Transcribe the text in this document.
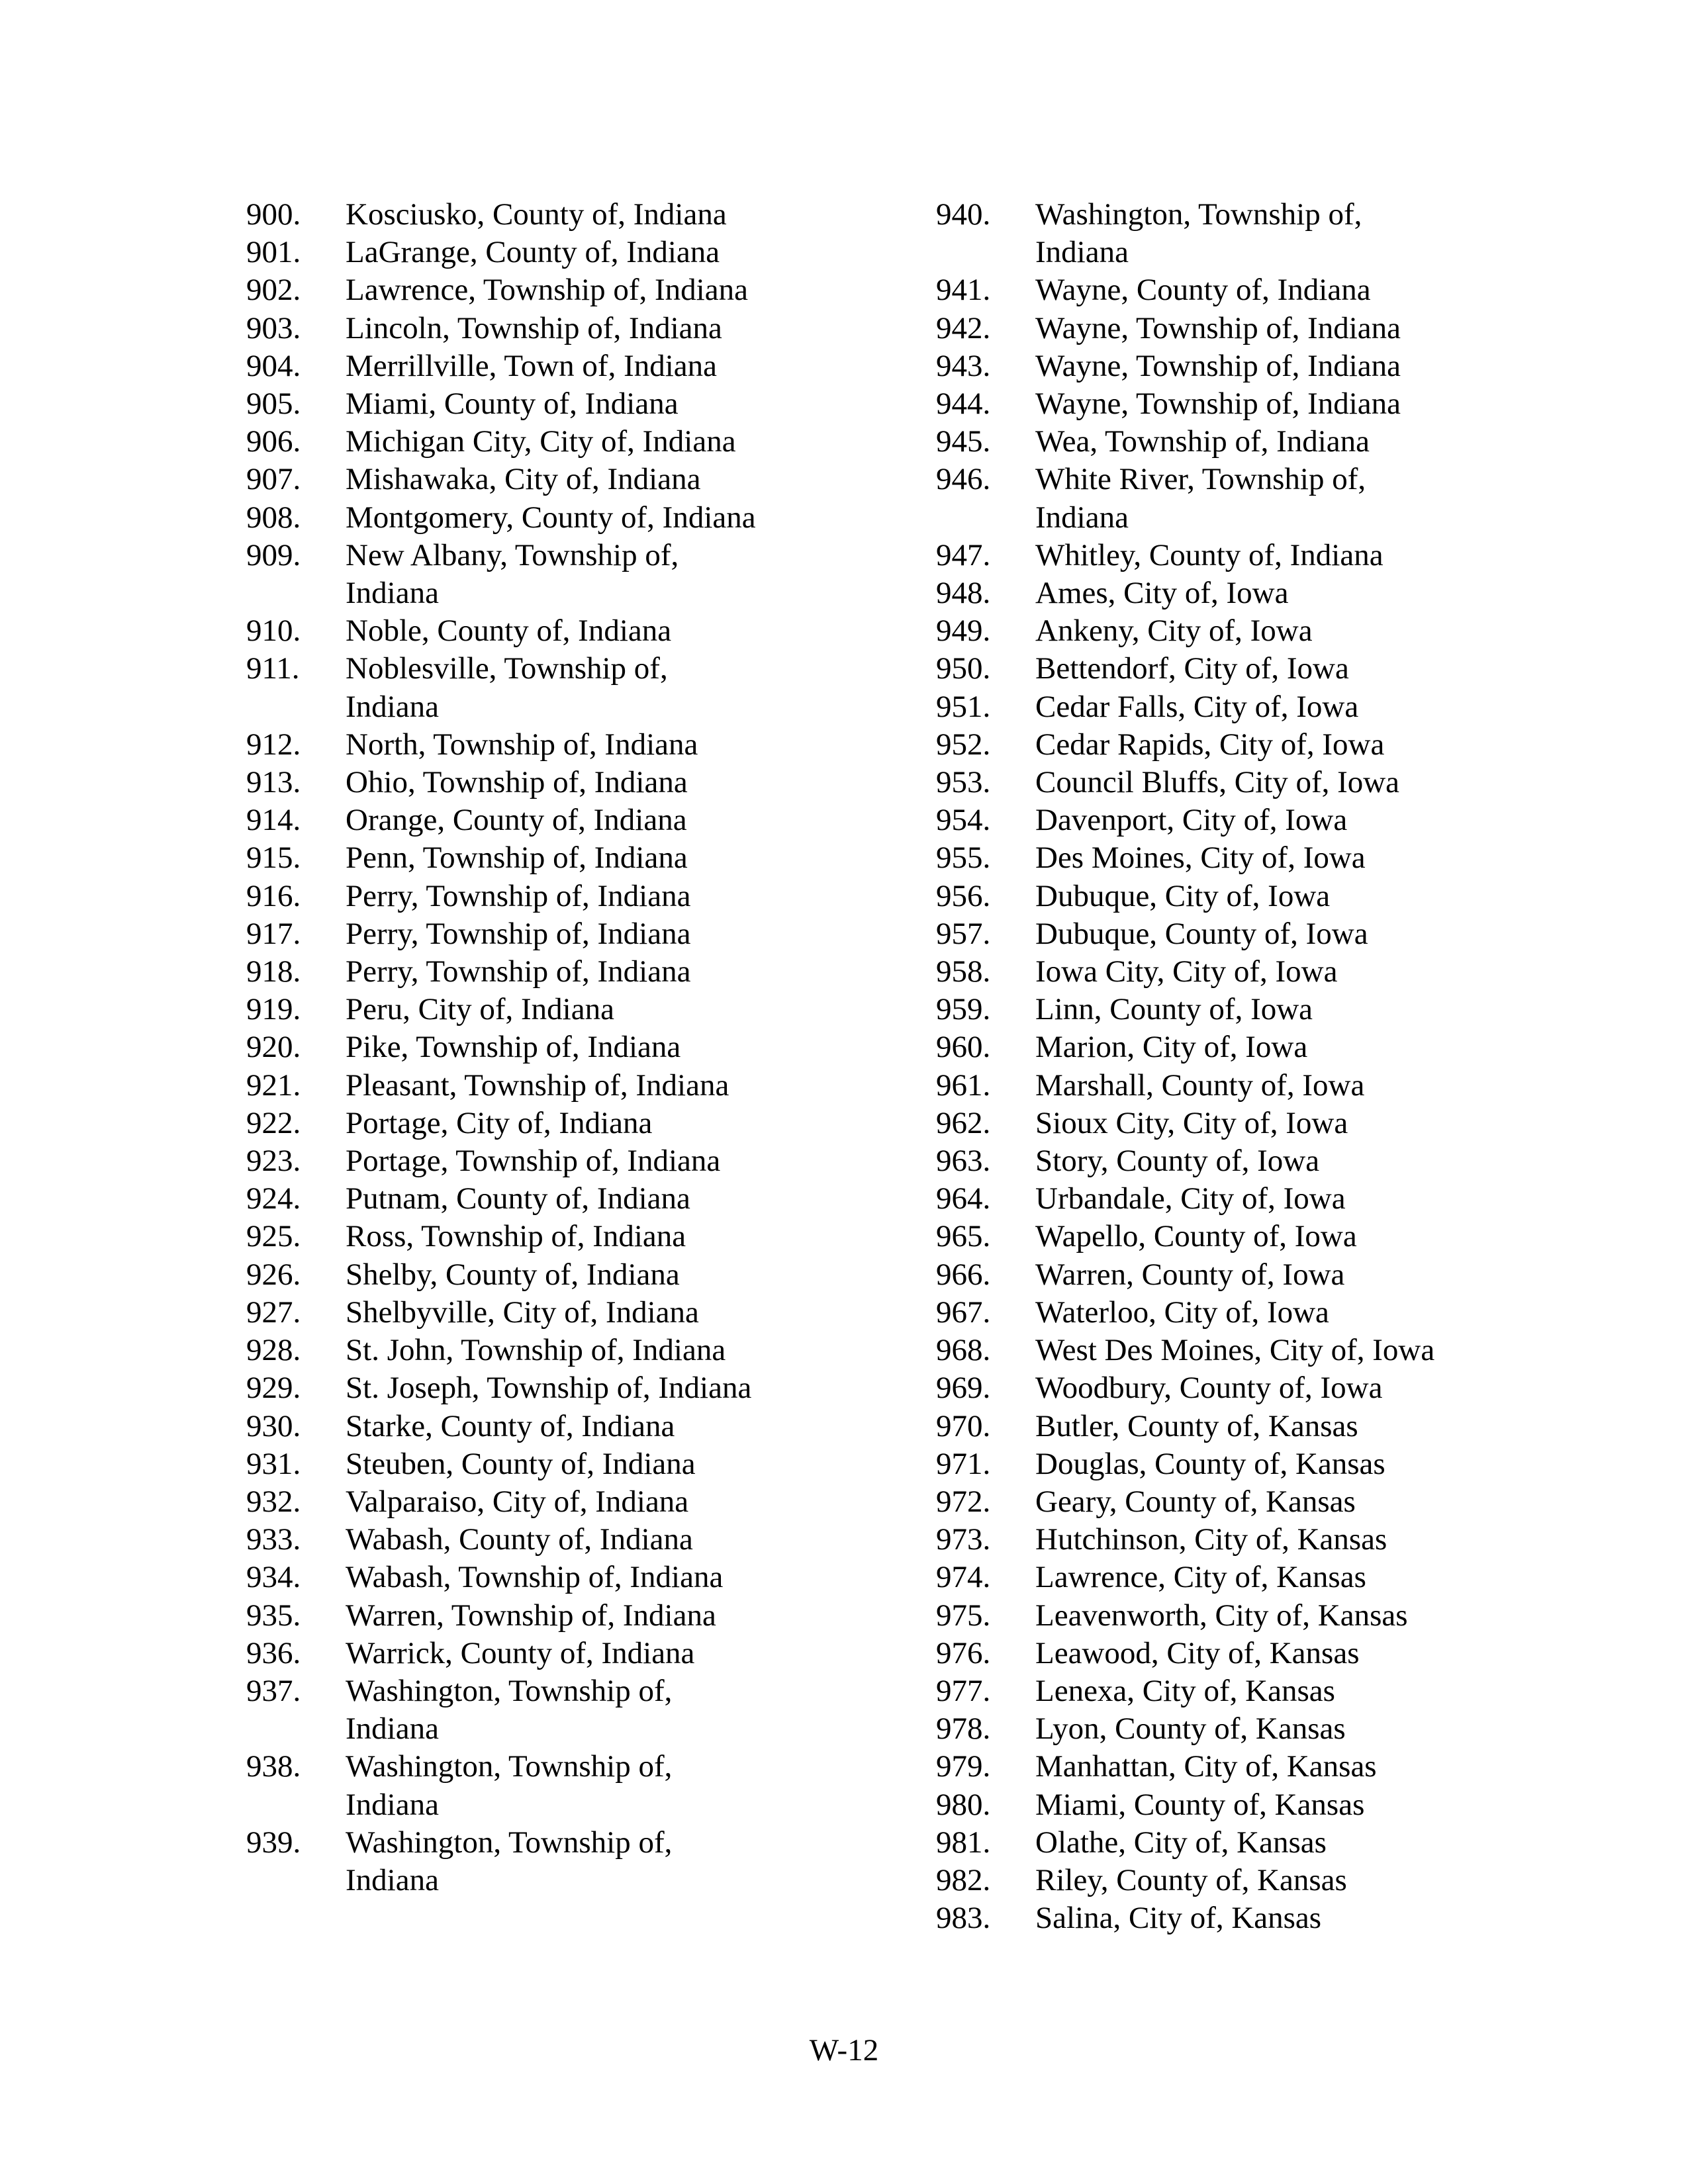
900.	Kosciusko, County of, Indiana
901.	LaGrange, County of, Indiana
902.	Lawrence, Township of, Indiana
903.	Lincoln, Township of, Indiana
904.	Merrillville, Town of, Indiana
905.	Miami, County of, Indiana
906.	Michigan City, City of, Indiana
907.	Mishawaka, City of, Indiana
908.	Montgomery, County of, Indiana
909.	New Albany, Township of,
Indiana
910.	Noble, County of, Indiana
911.	Noblesville, Township of,
Indiana
912.	North, Township of, Indiana
913.	Ohio, Township of, Indiana
914.	Orange, County of, Indiana
915.	Penn, Township of, Indiana
916.	Perry, Township of, Indiana
917.	Perry, Township of, Indiana
918.	Perry, Township of, Indiana
919.	Peru, City of, Indiana
920.	Pike, Township of, Indiana
921.	Pleasant, Township of, Indiana
922.	Portage, City of, Indiana
923.	Portage, Township of, Indiana
924.	Putnam, County of, Indiana
925.	Ross, Township of, Indiana
926.	Shelby, County of, Indiana
927.	Shelbyville, City of, Indiana
928.	St. John, Township of, Indiana
929.	St. Joseph, Township of, Indiana
930.	Starke, County of, Indiana
931.	Steuben, County of, Indiana
932.	Valparaiso, City of, Indiana
933.	Wabash, County of, Indiana
934.	Wabash, Township of, Indiana
935.	Warren, Township of, Indiana
936.	Warrick, County of, Indiana
937.	Washington, Township of,
Indiana
938.	Washington, Township of,
Indiana
939.	Washington, Township of,
Indiana
940.	Washington, Township of,
Indiana
941.	Wayne, County of, Indiana
942.	Wayne, Township of, Indiana
943.	Wayne, Township of, Indiana
944.	Wayne, Township of, Indiana
945.	Wea, Township of, Indiana
946.	White River, Township of,
Indiana
947.	Whitley, County of, Indiana
948.	Ames, City of, Iowa
949.	Ankeny, City of, Iowa
950.	Bettendorf, City of, Iowa
951.	Cedar Falls, City of, Iowa
952.	Cedar Rapids, City of, Iowa
953.	Council Bluffs, City of, Iowa
954.	Davenport, City of, Iowa
955.	Des Moines, City of, Iowa
956.	Dubuque, City of, Iowa
957.	Dubuque, County of, Iowa
958.	Iowa City, City of, Iowa
959.	Linn, County of, Iowa
960.	Marion, City of, Iowa
961.	Marshall, County of, Iowa
962.	Sioux City, City of, Iowa
963.	Story, County of, Iowa
964.	Urbandale, City of, Iowa
965.	Wapello, County of, Iowa
966.	Warren, County of, Iowa
967.	Waterloo, City of, Iowa
968.	West Des Moines, City of, Iowa
969.	Woodbury, County of, Iowa
970.	Butler, County of, Kansas
971.	Douglas, County of, Kansas
972.	Geary, County of, Kansas
973.	Hutchinson, City of, Kansas
974.	Lawrence, City of, Kansas
975.	Leavenworth, City of, Kansas
976.	Leawood, City of, Kansas
977.	Lenexa, City of, Kansas
978.	Lyon, County of, Kansas
979.	Manhattan, City of, Kansas
980.	Miami, County of, Kansas
981.	Olathe, City of, Kansas
982.	Riley, County of, Kansas
983.	Salina, City of, Kansas
W-12
